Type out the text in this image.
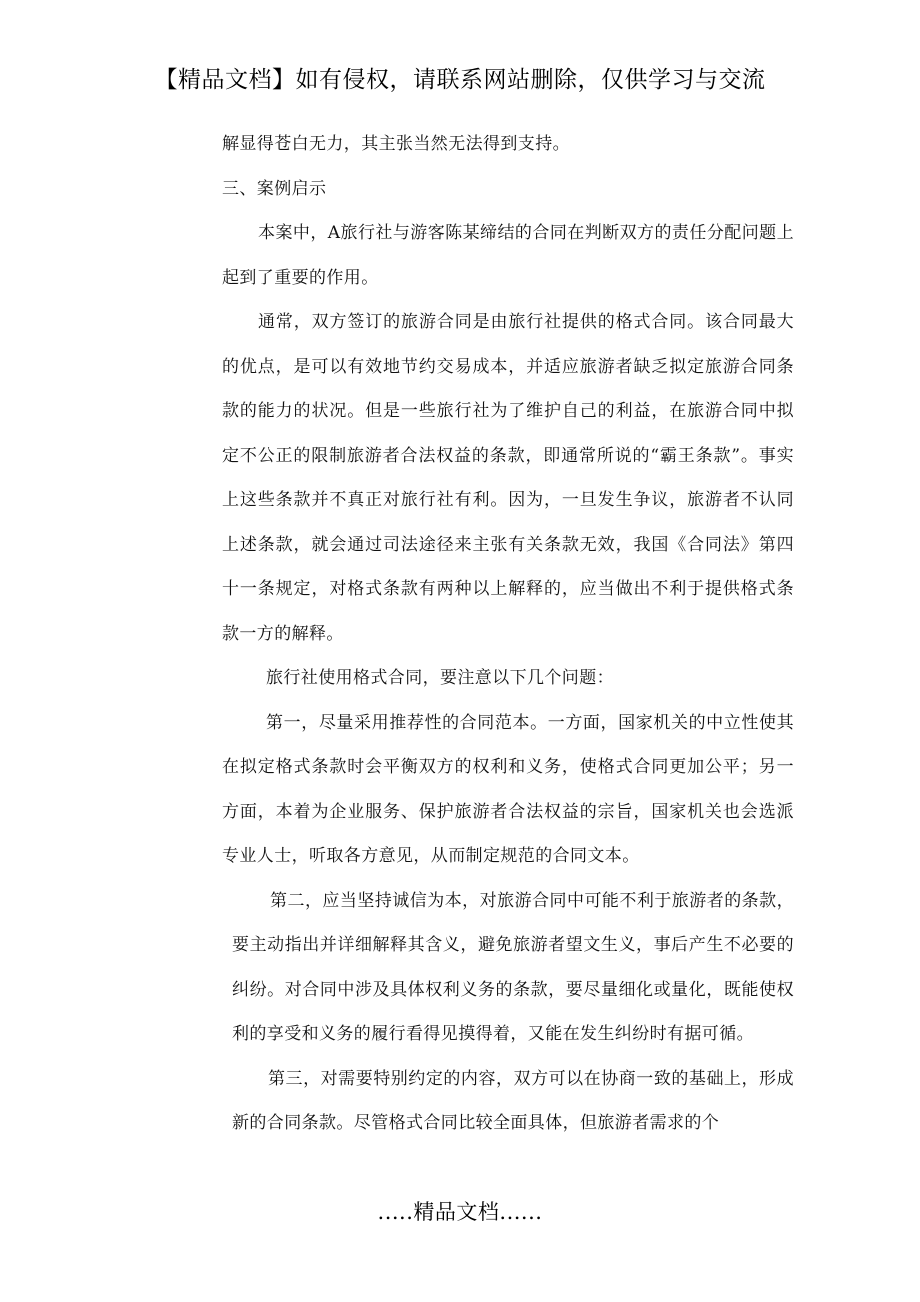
【精品文档】如有侵权，请联系网站删除，仅供学习与交流

解显得苍白无力，其主张当然无法得到支持。

三、案例启示

本案中，A旅行社与游客陈某缔结的合同在判断双方的责任分配问题上起到了重要的作用。

通常，双方签订的旅游合同是由旅行社提供的格式合同。该合同最大的优点，是可以有效地节约交易成本，并适应旅游者缺乏拟定旅游合同条款的能力的状况。但是一些旅行社为了维护自己的利益，在旅游合同中拟定不公正的限制旅游者合法权益的条款，即通常所说的“霸王条款”。事实上这些条款并不真正对旅行社有利。因为，一旦发生争议，旅游者不认同上述条款，就会通过司法途径来主张有关条款无效，我国《合同法》第四十一条规定，对格式条款有两种以上解释的，应当做出不利于提供格式条款一方的解释。

旅行社使用格式合同，要注意以下几个问题：

第一，尽量采用推荐性的合同范本。一方面，国家机关的中立性使其在拟定格式条款时会平衡双方的权利和义务，使格式合同更加公平；另一方面，本着为企业服务、保护旅游者合法权益的宗旨，国家机关也会选派专业人士，听取各方意见，从而制定规范的合同文本。

第二，应当坚持诚信为本，对旅游合同中可能不利于旅游者的条款，要主动指出并详细解释其含义，避免旅游者望文生义，事后产生不必要的纠纷。对合同中涉及具体权利义务的条款，要尽量细化或量化，既能使权利的享受和义务的履行看得见摸得着，又能在发生纠纷时有据可循。

第三，对需要特别约定的内容，双方可以在协商一致的基础上，形成新的合同条款。尽管格式合同比较全面具体，但旅游者需求的个

.....精品文档......
